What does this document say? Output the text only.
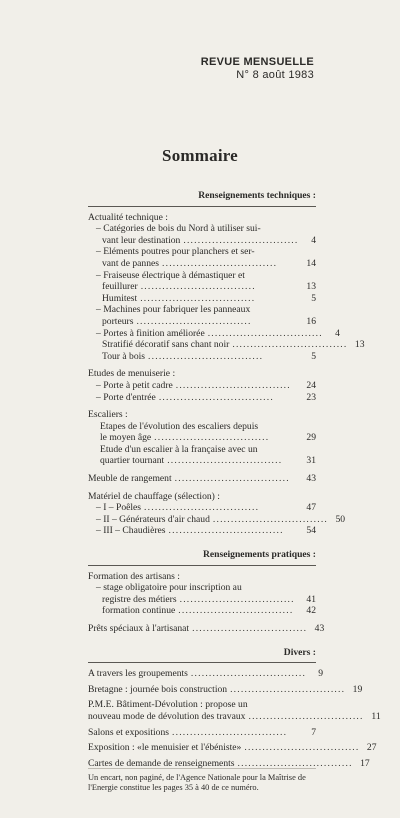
REVUE MENSUELLE
N° 8 août 1983
Sommaire
Renseignements techniques :
Actualité technique :
– Catégories de bois du Nord à utiliser sui-
vant leur destination ................................	4
– Eléments poutres pour planchers et ser-
vant de pannes ................................	14
– Fraiseuse électrique à démastiquer et
feuillurer ................................	13
Humitest ................................	5
– Machines pour fabriquer les panneaux
porteurs ................................	16
– Portes à finition améliorée ................................	4
Stratifié décoratif sans chant noir ................................ 13
Tour à bois ................................	5
Etudes de menuiserie :
– Porte à petit cadre ................................	24
– Porte d'entrée ................................	23
Escaliers :
Etapes de l'évolution des escaliers depuis
le moyen âge ................................	29
Etude d'un escalier à la française avec un
quartier tournant ................................	31
Meuble de rangement ................................	43
Matériel de chauffage (sélection) :
– I – Poêles ................................	47
– II – Générateurs d'air chaud ................................ 50
– III – Chaudières ................................	54
Renseignements pratiques :
Formation des artisans :
– stage obligatoire pour inscription au
registre des métiers ................................	41
formation continue ................................	42
Prêts spéciaux à l'artisanat ................................ 43
Divers :
A travers les groupements ................................	9
Bretagne : journée bois construction ................................ 19
P.M.E. Bâtiment-Dévolution : propose un
nouveau mode de dévolution des travaux ................................ 11
Salons et expositions ................................	7
Exposition : «le menuisier et l'ébéniste» ................................ 27
Cartes de demande de renseignements ................................ 17
Un encart, non paginé, de l'Agence Nationale pour la Maîtrise de l'Energie constitue les pages 35 à 40 de ce numéro.
